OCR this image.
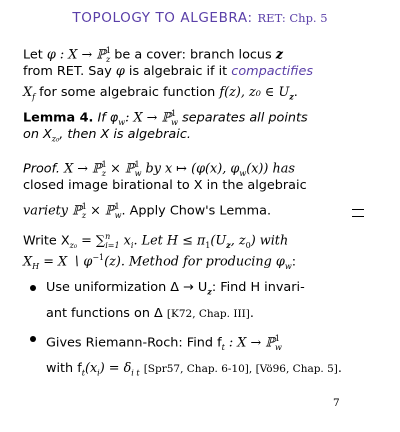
TOPOLOGY TO ALGEBRA: RET: Chp. 5
Let φ : X → ℙ$^1_z$ be a cover: branch locus z
from RET. Say φ is algebraic if it compactifies
$X_f$ for some algebraic function f(z), z₀ ∈ $U_z$.
Lemma 4. If $\varphi_w$: X → ℙ$^1_w$ separates all points
on $X_{z_0}$, then X is algebraic.
Proof. X → ℙ$^1_z$ × ℙ$^1_w$ by x ↦ (φ(x), $\varphi_w(x)$) has
closed image birational to X in the algebraic
variety ℙ$^1_z$ × ℙ$^1_w$. Apply Chow's Lemma.
Write $X_{z_0} = \sum^n_{i=1}$ $x_i$. Let $H \le \pi_1(U_z$, $z_0$) with
$X_H = X$ ∖ $\varphi^{-1}(z)$. Method for producing $\varphi_w$:
Use uniformization $\Delta \to U_z$: Find H invari-
ant functions on Δ [K72, Chap. III].
Gives Riemann-Roch: Find $f_t$ : X → ℙ$^1_w$
with $f_t(x_i) = \delta_{i t}$ [Spr57, Chap. 6-10], [Vö96, Chap. 5].
7
